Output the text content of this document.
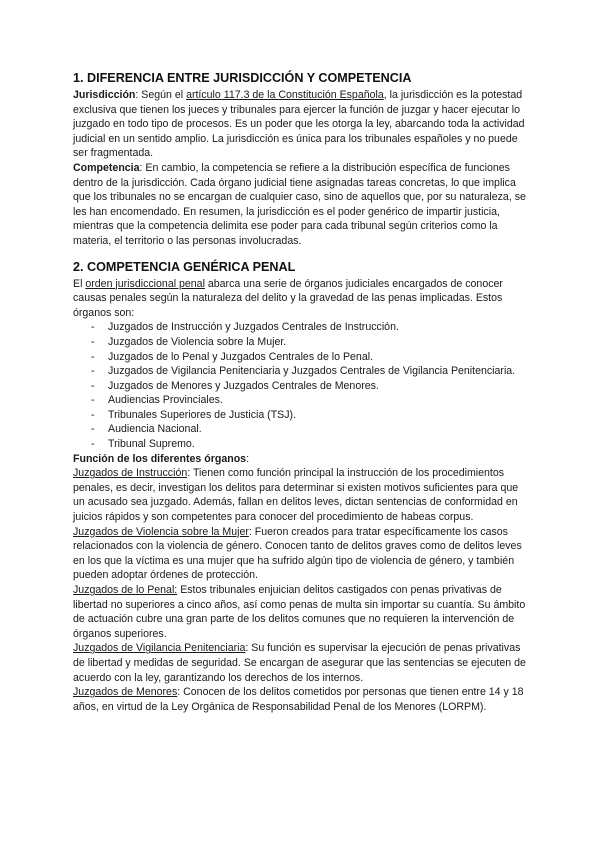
1. DIFERENCIA ENTRE JURISDICCIÓN Y COMPETENCIA

Jurisdicción: Según el artículo 117.3 de la Constitución Española, la jurisdicción es la potestad exclusiva que tienen los jueces y tribunales para ejercer la función de juzgar y hacer ejecutar lo juzgado en todo tipo de procesos. Es un poder que les otorga la ley, abarcando toda la actividad judicial en un sentido amplio. La jurisdicción es única para los tribunales españoles y no puede ser fragmentada.

Competencia: En cambio, la competencia se refiere a la distribución específica de funciones dentro de la jurisdicción. Cada órgano judicial tiene asignadas tareas concretas, lo que implica que los tribunales no se encargan de cualquier caso, sino de aquellos que, por su naturaleza, se les han encomendado. En resumen, la jurisdicción es el poder genérico de impartir justicia, mientras que la competencia delimita ese poder para cada tribunal según criterios como la materia, el territorio o las personas involucradas.

2. COMPETENCIA GENÉRICA PENAL

El orden jurisdiccional penal abarca una serie de órganos judiciales encargados de conocer causas penales según la naturaleza del delito y la gravedad de las penas implicadas. Estos órganos son:

- Juzgados de Instrucción y Juzgados Centrales de Instrucción.
- Juzgados de Violencia sobre la Mujer.
- Juzgados de lo Penal y Juzgados Centrales de lo Penal.
- Juzgados de Vigilancia Penitenciaria y Juzgados Centrales de Vigilancia Penitenciaria.
- Juzgados de Menores y Juzgados Centrales de Menores.
- Audiencias Provinciales.
- Tribunales Superiores de Justicia (TSJ).
- Audiencia Nacional.
- Tribunal Supremo.

Función de los diferentes órganos:

Juzgados de Instrucción: Tienen como función principal la instrucción de los procedimientos penales, es decir, investigan los delitos para determinar si existen motivos suficientes para que un acusado sea juzgado. Además, fallan en delitos leves, dictan sentencias de conformidad en juicios rápidos y son competentes para conocer del procedimiento de habeas corpus.

Juzgados de Violencia sobre la Mujer: Fueron creados para tratar específicamente los casos relacionados con la violencia de género. Conocen tanto de delitos graves como de delitos leves en los que la víctima es una mujer que ha sufrido algún tipo de violencia de género, y también pueden adoptar órdenes de protección.

Juzgados de lo Penal: Estos tribunales enjuician delitos castigados con penas privativas de libertad no superiores a cinco años, así como penas de multa sin importar su cuantía. Su ámbito de actuación cubre una gran parte de los delitos comunes que no requieren la intervención de órganos superiores.

Juzgados de Vigilancia Penitenciaria: Su función es supervisar la ejecución de penas privativas de libertad y medidas de seguridad. Se encargan de asegurar que las sentencias se ejecuten de acuerdo con la ley, garantizando los derechos de los internos.

Juzgados de Menores: Conocen de los delitos cometidos por personas que tienen entre 14 y 18 años, en virtud de la Ley Orgánica de Responsabilidad Penal de los Menores (LORPM).
